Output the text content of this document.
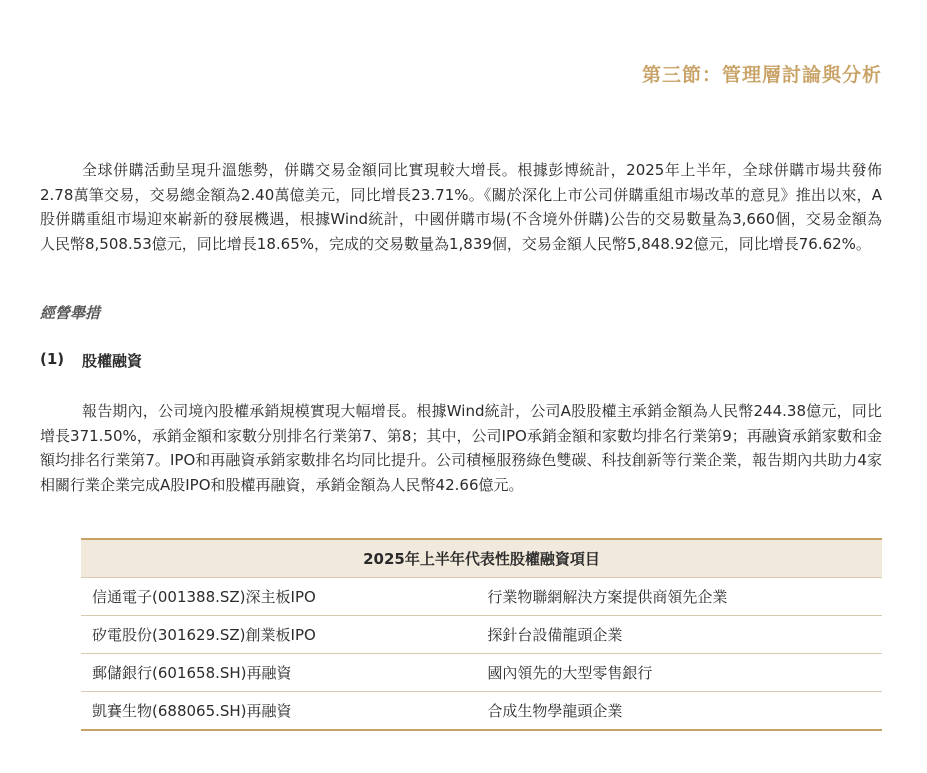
第三節：管理層討論與分析

全球併購活動呈現升溫態勢，併購交易金額同比實現較大增長。根據彭博統計，2025年上半年，全球併購市場共發佈2.78萬筆交易，交易總金額為2.40萬億美元，同比增長23.71%。《關於深化上市公司併購重組市場改革的意見》推出以來，A股併購重組市場迎來嶄新的發展機遇，根據Wind統計，中國併購市場(不含境外併購)公告的交易數量為3,660個，交易金額為人民幣8,508.53億元，同比增長18.65%，完成的交易數量為1,839個，交易金額人民幣5,848.92億元，同比增長76.62%。

經營舉措

(1)	股權融資

報告期內，公司境內股權承銷規模實現大幅增長。根據Wind統計，公司A股股權主承銷金額為人民幣244.38億元，同比增長371.50%，承銷金額和家數分別排名行業第7、第8；其中，公司IPO承銷金額和家數均排名行業第9；再融資承銷家數和金額均排名行業第7。IPO和再融資承銷家數排名均同比提升。公司積極服務綠色雙碳、科技創新等行業企業，報告期內共助力4家相關行業企業完成A股IPO和股權再融資，承銷金額為人民幣42.66億元。

2025年上半年代表性股權融資項目	
信通電子(001388.SZ)深主板IPO	行業物聯網解決方案提供商領先企業
矽電股份(301629.SZ)創業板IPO	探針台設備龍頭企業
郵儲銀行(601658.SH)再融資	國內領先的大型零售銀行
凱賽生物(688065.SH)再融資	合成生物學龍頭企業
